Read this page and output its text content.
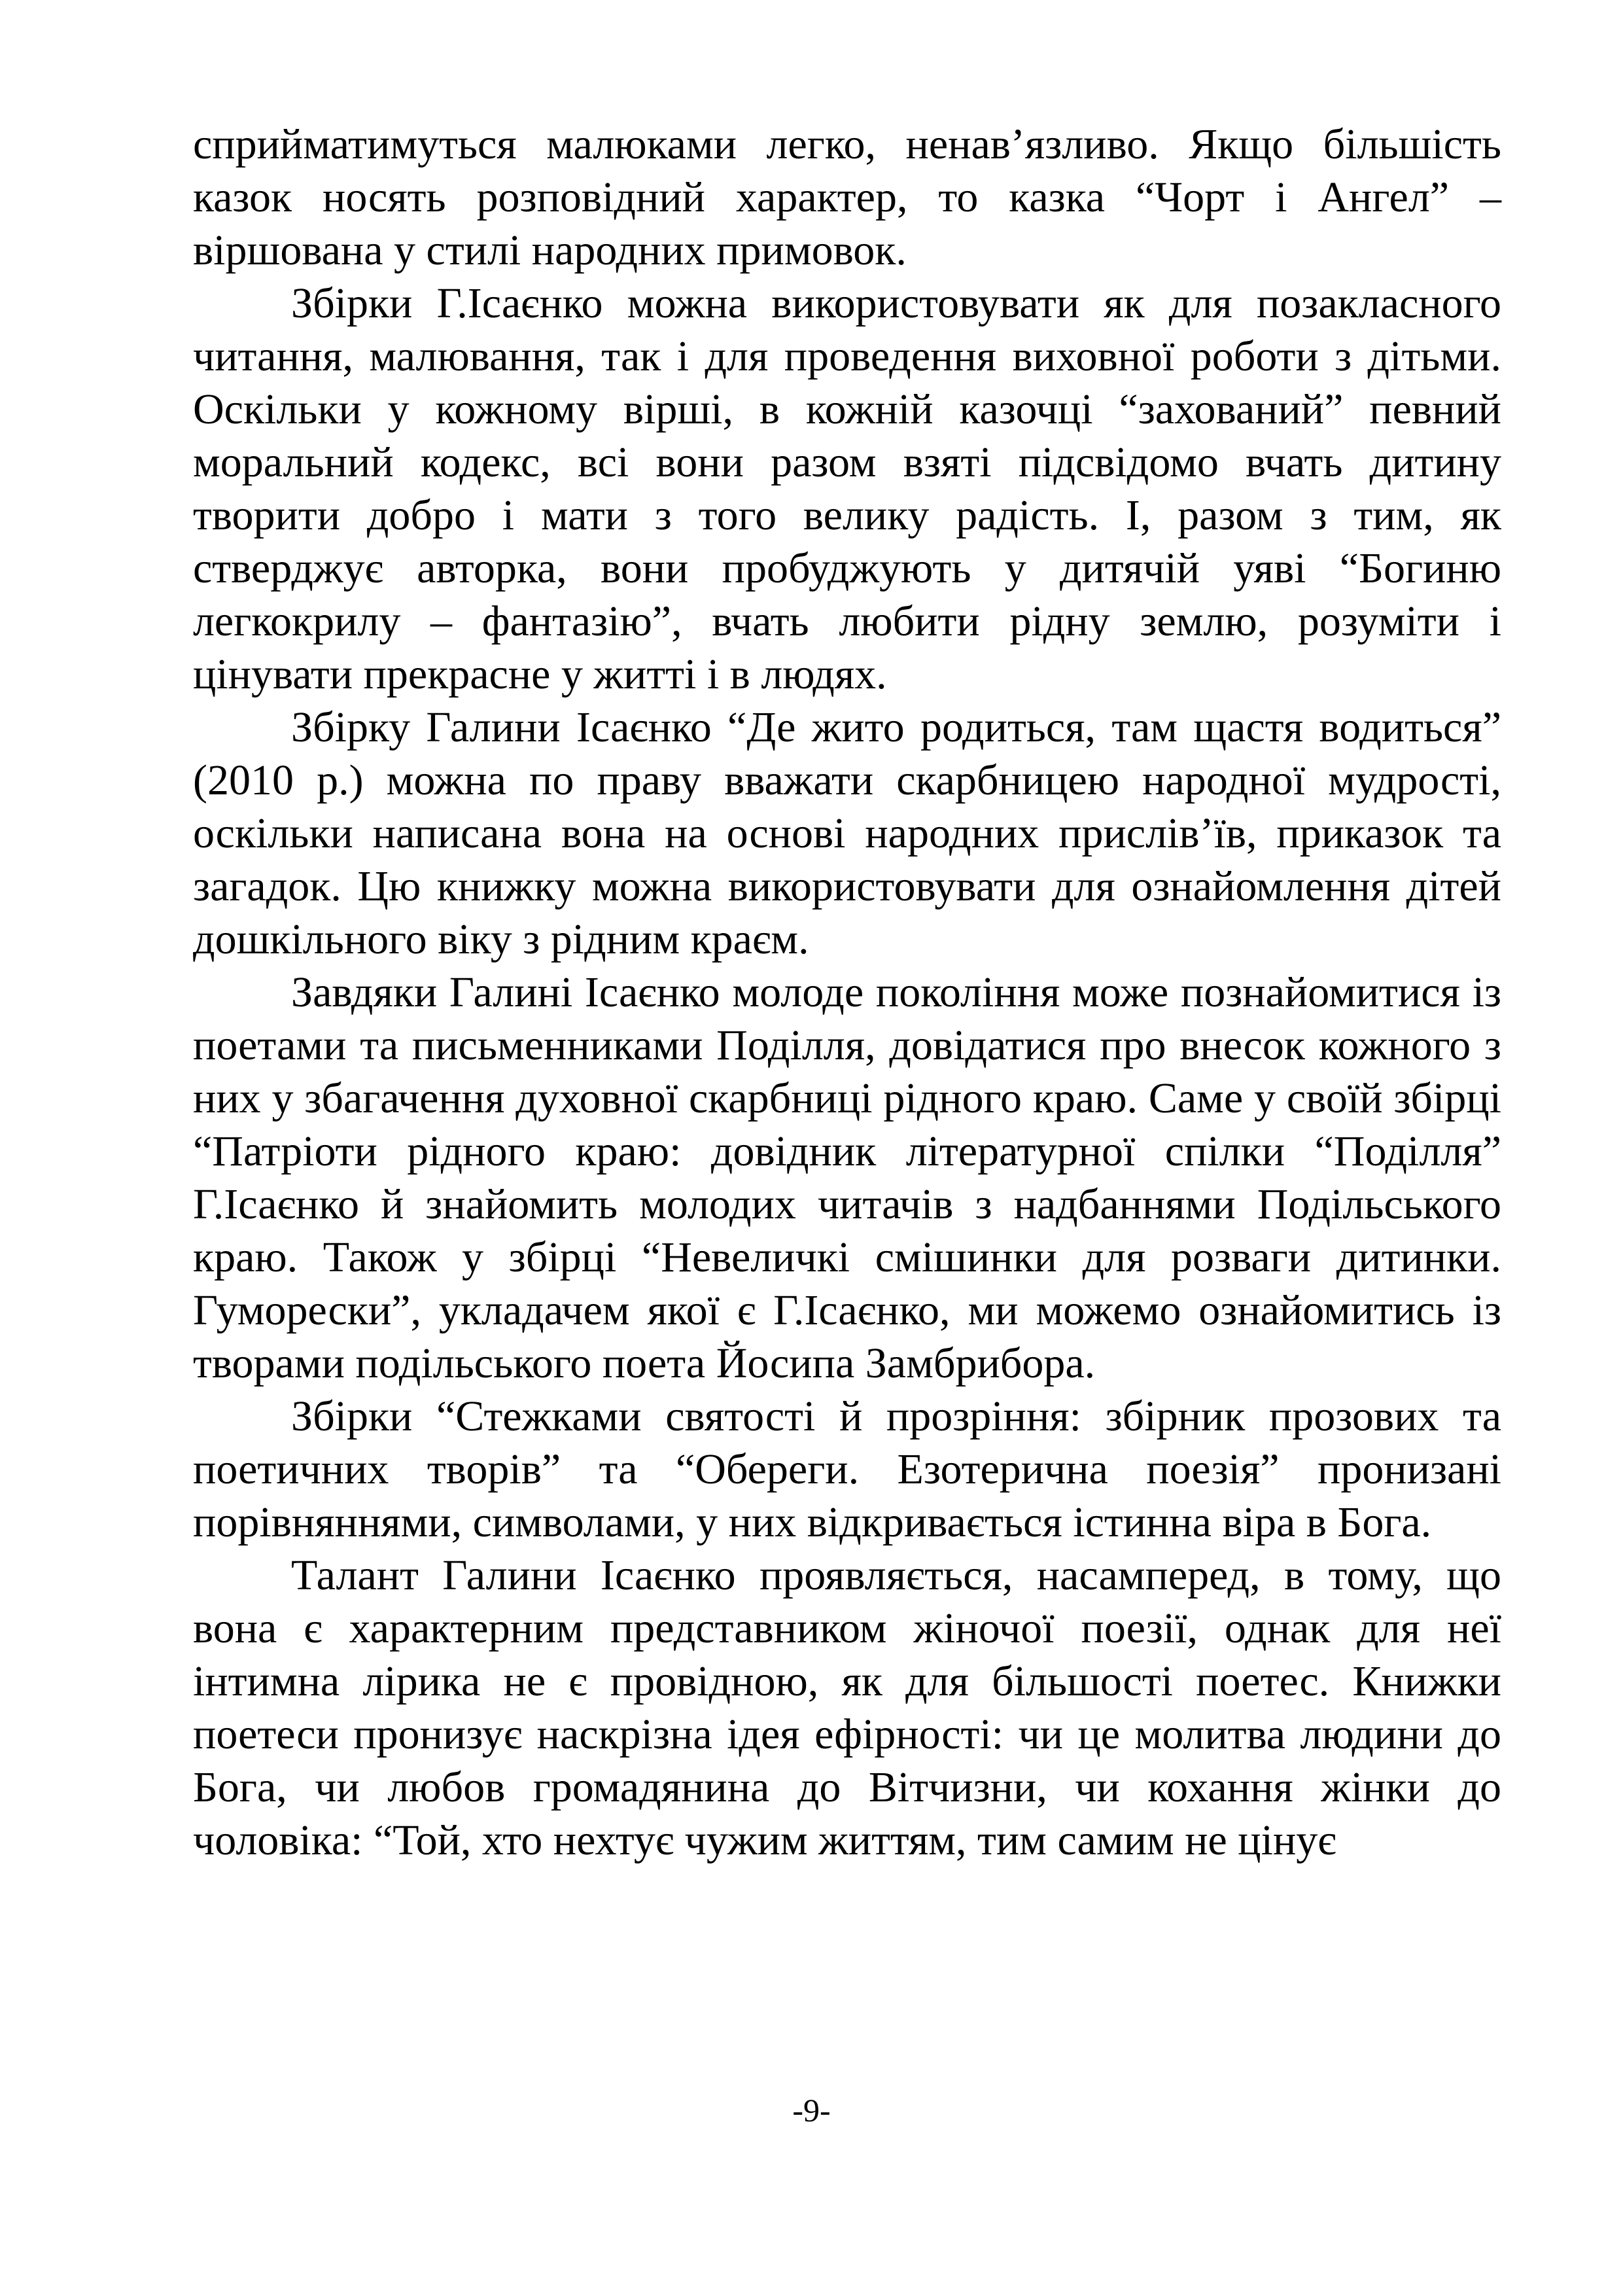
сприйматимуться малюками легко, ненав’язливо. Якщо більшість казок носять розповідний характер, то казка “Чорт і Ангел” – віршована у стилі народних примовок.

Збірки Г.Ісаєнко можна використовувати як для позакласного читання, малювання, так і для проведення виховної роботи з дітьми. Оскільки у кожному вірші, в кожній казочці “захований” певний моральний кодекс, всі вони разом взяті підсвідомо вчать дитину творити добро і мати з того велику радість. І, разом з тим, як стверджує авторка, вони пробуджують у дитячій уяві “Богиню легкокрилу – фантазію”, вчать любити рідну землю, розуміти і цінувати прекрасне у житті і в людях.

Збірку Галини Ісаєнко “Де жито родиться, там щастя водиться” (2010 р.) можна по праву вважати скарбницею народної мудрості, оскільки написана вона на основі народних прислів’їв, приказок та загадок. Цю книжку можна використовувати для ознайомлення дітей дошкільного віку з рідним краєм.

Завдяки Галині Ісаєнко молоде покоління може познайомитися із поетами та письменниками Поділля, довідатися про внесок кожного з них у збагачення духовної скарбниці рідного краю. Саме у своїй збірці “Патріоти рідного краю: довідник літературної спілки “Поділля” Г.Ісаєнко й знайомить молодих читачів з надбаннями Подільського краю. Також у збірці “Невеличкі смішинки для розваги дитинки. Гуморески”, укладачем якої є Г.Ісаєнко, ми можемо ознайомитись із творами подільського поета Йосипа Замбрибора.

Збірки “Стежками святості й прозріння: збірник прозових та поетичних творів” та “Обереги. Езотерична поезія” пронизані порівняннями, символами, у них відкривається істинна віра в Бога.

Талант Галини Ісаєнко проявляється, насамперед, в тому, що вона є характерним представником жіночої поезії, однак для неї інтимна лірика не є провідною, як для більшості поетес. Книжки поетеси пронизує наскрізна ідея ефірності: чи це молитва людини до Бога, чи любов громадянина до Вітчизни, чи кохання жінки до чоловіка: “Той, хто нехтує чужим життям, тим самим не цінує

-9-
